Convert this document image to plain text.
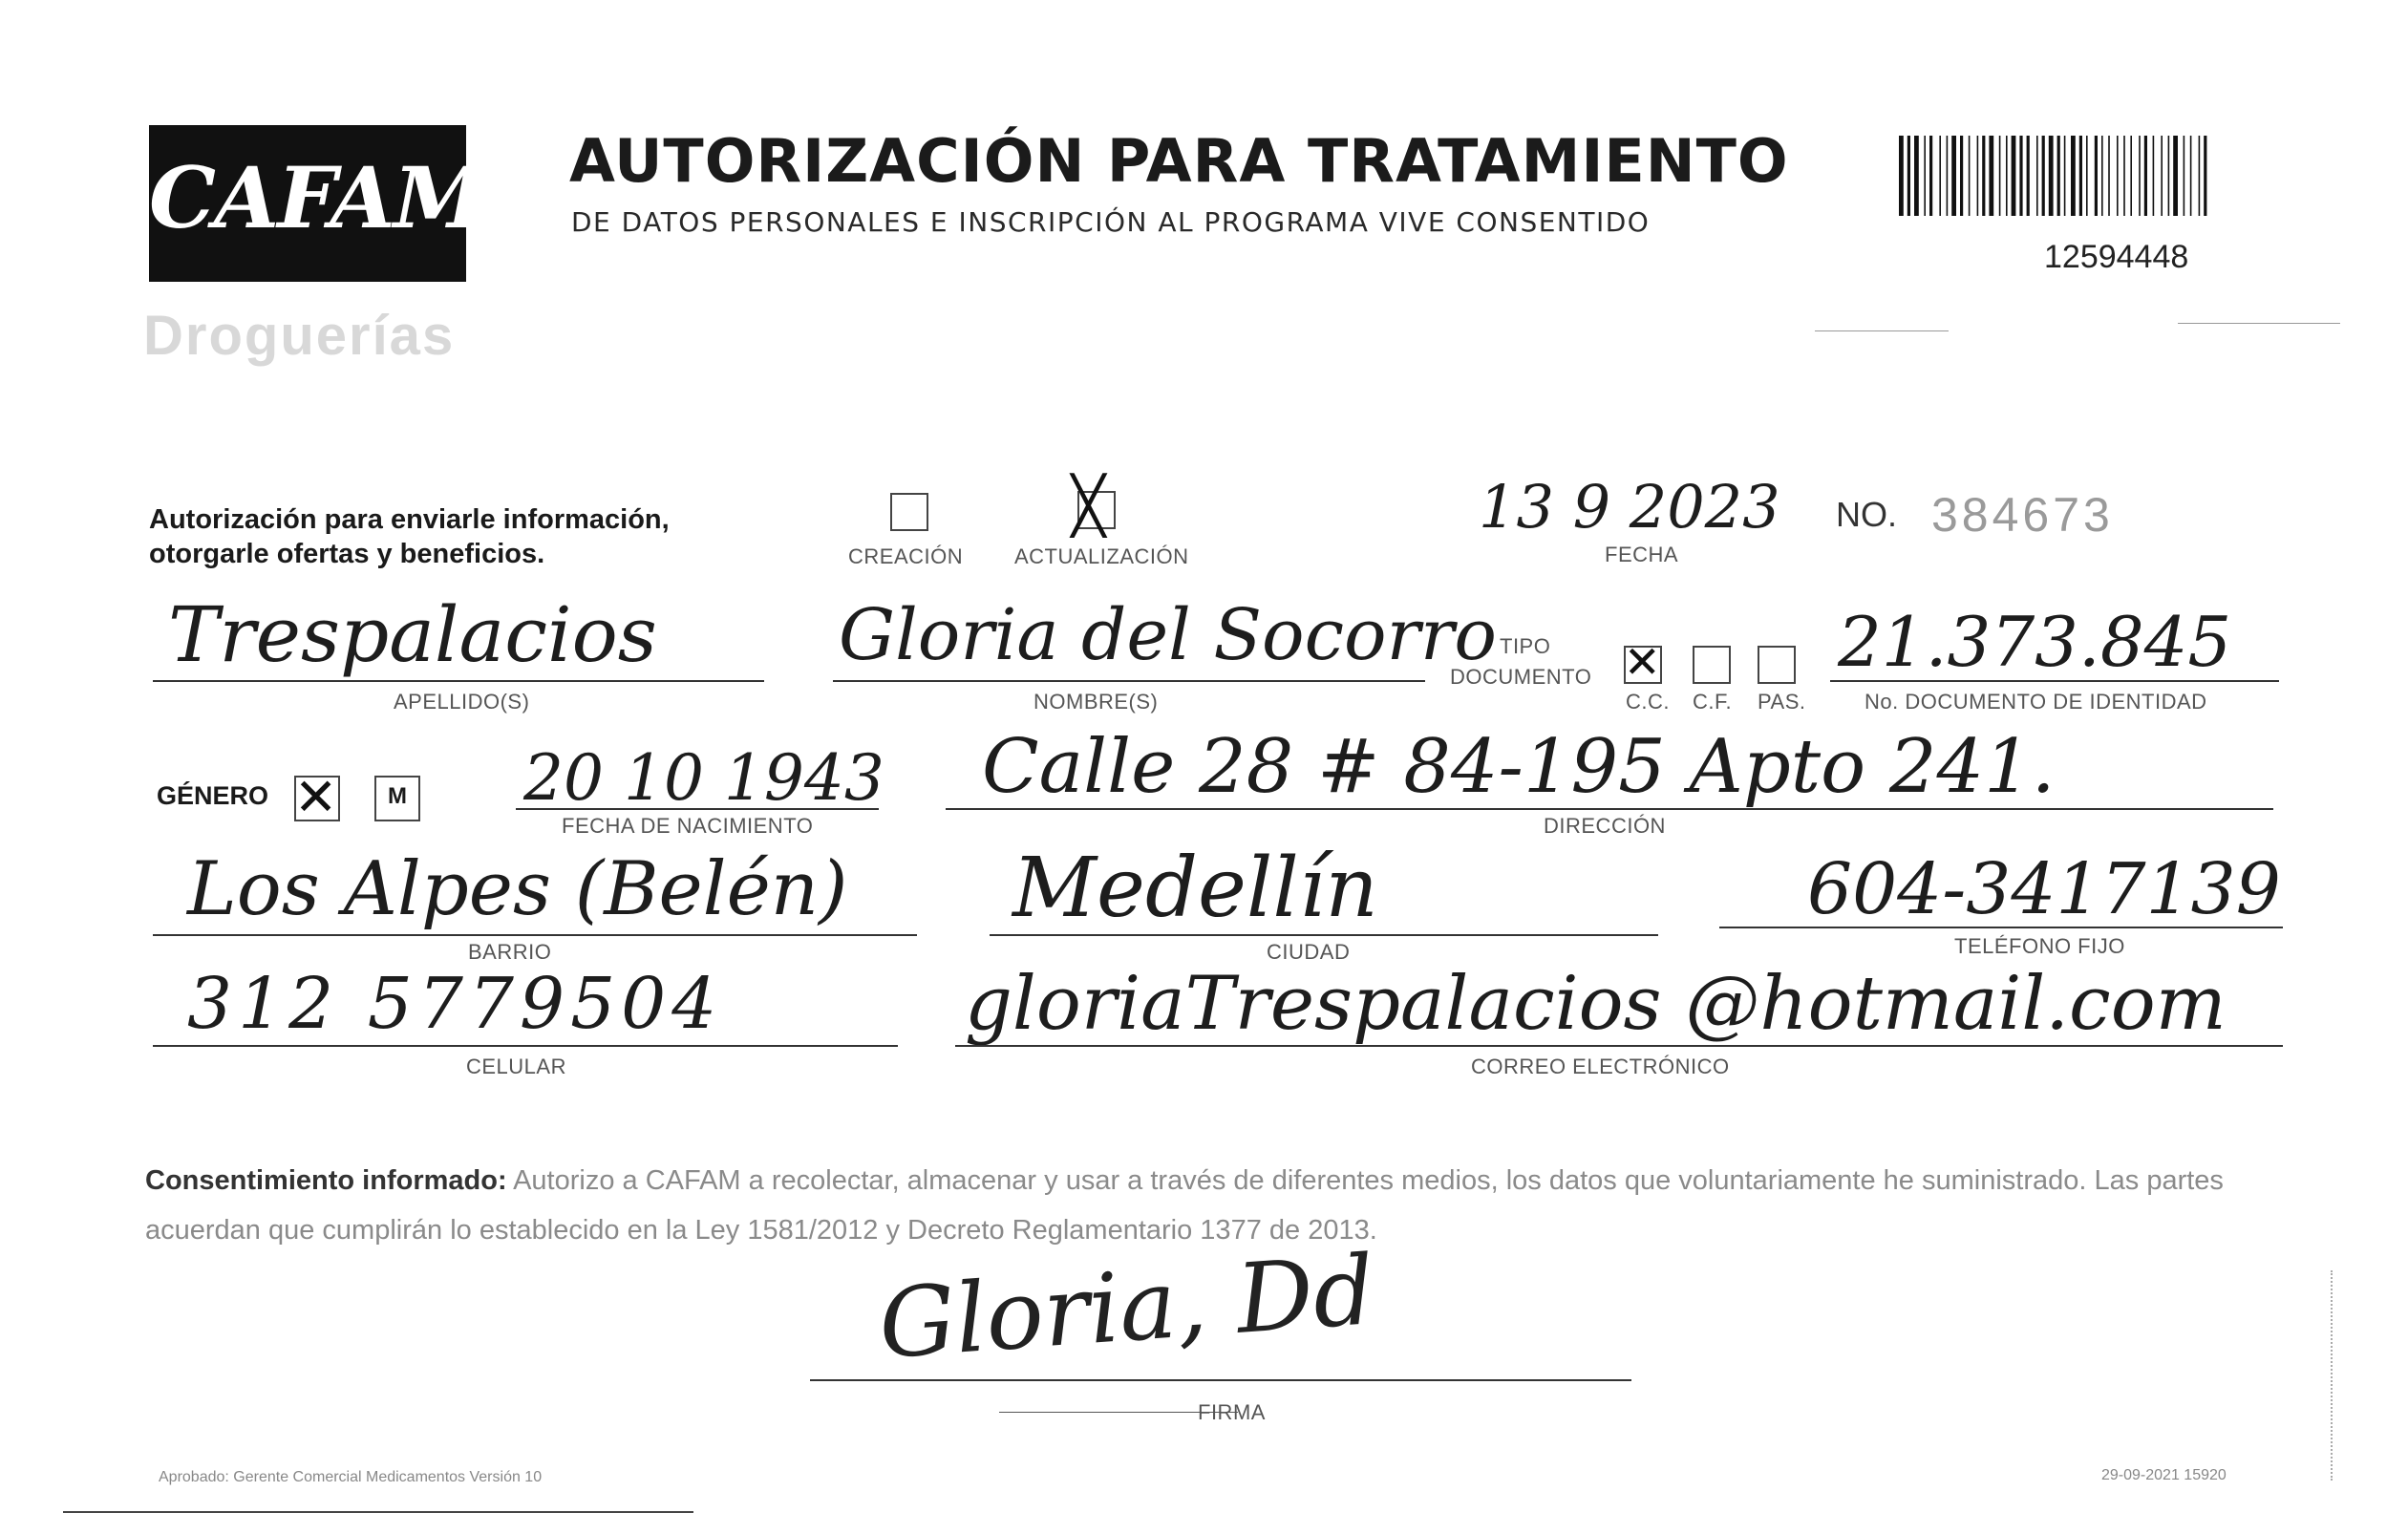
CAFAM
Droguerías
AUTORIZACIÓN PARA TRATAMIENTO
DE DATOS PERSONALES E INSCRIPCIÓN AL PROGRAMA VIVE CONSENTIDO
12594448
Autorización para enviarle información,
otorgarle ofertas y beneficios.	CREACIÓN
╳
ACTUALIZACIÓN
13 9 2023
FECHA
NO. 384673
Trespalacios
APELLIDO(S)
Gloria del Socorro
NOMBRE(S)
TIPO
DOCUMENTO ✕
C.C. C.F. PAS.
21.373.845
No. DOCUMENTO DE IDENTIDAD
GÉNERO ✕ M 20 10 1943
FECHA DE NACIMIENTO
Calle 28 # 84-195 Apto 241.
DIRECCIÓN
Los Alpes (Belén)
BARRIO
Medellín
CIUDAD
604-3417139
TELÉFONO FIJO
312 5779504
CELULAR
gloriaTrespalacios @hotmail.com
CORREO ELECTRÓNICO
Consentimiento informado: Autorizo a CAFAM a recolectar, almacenar y usar a través de diferentes medios, los datos que voluntariamente he suministrado. Las partes acuerdan que cumplirán lo establecido en la Ley 1581/2012 y Decreto Reglamentario 1377 de 2013.
Gloria, Dd
FIRMA
Aprobado: Gerente Comercial Medicamentos Versión 10	29-09-2021 15920
